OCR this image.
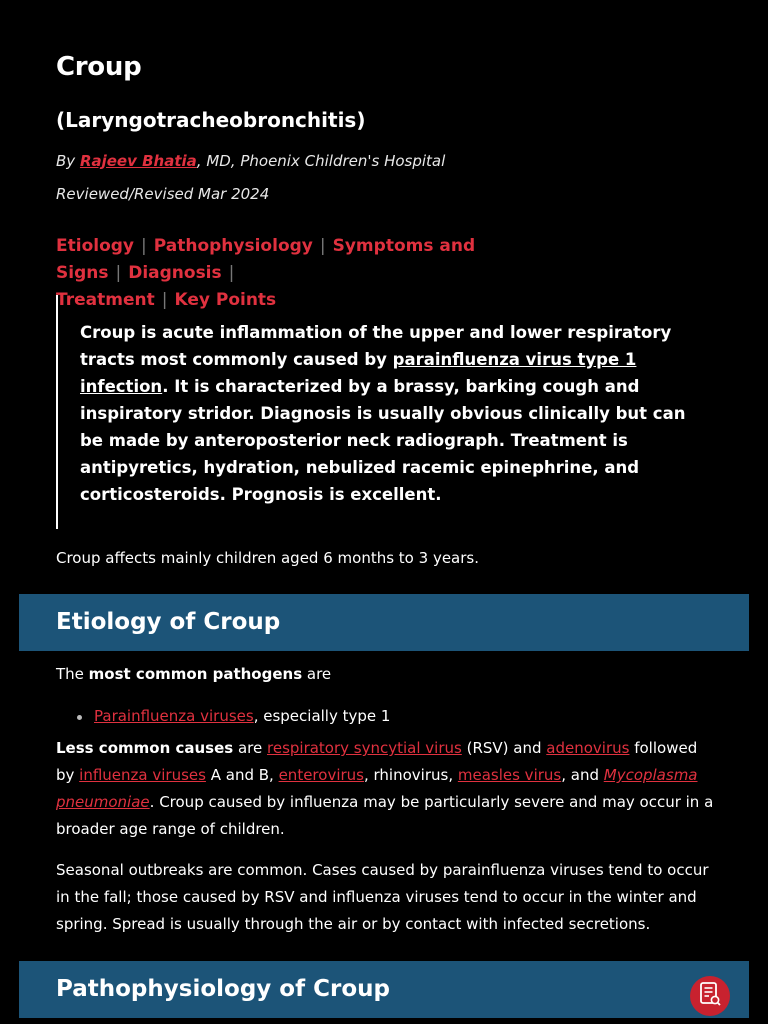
Croup
(Laryngotracheobronchitis)
By Rajeev Bhatia, MD, Phoenix Children's Hospital
Reviewed/Revised Mar 2024
Etiology | Pathophysiology | Symptoms and Signs | Diagnosis |
Treatment | Key Points
Croup is acute inflammation of the upper and lower respiratory tracts most commonly caused by parainfluenza virus type 1 infection. It is characterized by a brassy, barking cough and inspiratory stridor. Diagnosis is usually obvious clinically but can be made by anteroposterior neck radiograph. Treatment is antipyretics, hydration, nebulized racemic epinephrine, and corticosteroids. Prognosis is excellent.
Croup affects mainly children aged 6 months to 3 years.
Etiology of Croup
The most common pathogens are
Parainfluenza viruses, especially type 1
Less common causes are respiratory syncytial virus (RSV) and adenovirus followed by influenza viruses A and B, enterovirus, rhinovirus, measles virus, and Mycoplasma pneumoniae. Croup caused by influenza may be particularly severe and may occur in a broader age range of children.
Seasonal outbreaks are common. Cases caused by parainfluenza viruses tend to occur in the fall; those caused by RSV and influenza viruses tend to occur in the winter and spring. Spread is usually through the air or by contact with infected secretions.
Pathophysiology of Croup
